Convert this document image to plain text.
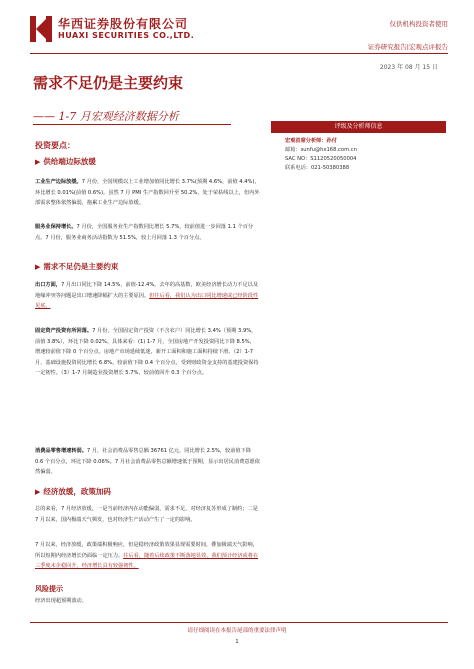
华西证券股份有限公司
HUAXI SECURITIES CO.,LTD.
仅供机构投资者使用
证券研究报告|宏观点评报告
2023 年 08 月 15 日
需求不足仍是主要约束
—— 1-7 月宏观经济数据分析
投资要点：
▶ 供给端边际放缓
工业生产边际放缓。7 月份，全国规模以上工业增加值同比增长 3.7%(预期 4.6%，前值 4.4%)，环比增长 0.01%(前值 0.6%)。虽然 7 月 PMI 生产指数回升至 50.2%，处于荣枯线以上，但内外部需求整体依然偏弱，拖累工业生产边际放缓。
服务业保持增长。7 月份，全国服务业生产指数同比增长 5.7%，较前值进一步回落 1.1 个百分点。7 月份，服务业商务活动指数为 51.5%，较上月回落 1.3 个百分点。
▶ 需求不足仍是主要约束
出口方面，7 月出口同比下降 14.5%，前值-12.4%。去年的高基数，欧美经济增长动力不足以及地缘冲突等问题是出口增速降幅扩大的主要原因。但往后看，我们认为出口同比增速或已经阶段性见底。
固定资产投资有所回落。7 月份，全国固定资产投资（不含农户）同比增长 3.4%（预期 3.9%，前值 3.8%），环比下降 0.02%。具体来看：(1) 1-7 月，全国房地产开发投资同比下降 8.5%，增速较前值下降 0 个百分点。房地产市场延续低迷，新开工面积和施工面积持续下滑。（2）1-7 月，基础设施投资同比增长 6.8%，较前值下降 0.4 个百分点，受到财政资金支持的基建投资保持一定韧性。（3）1-7 月制造业投资增长 5.7%，较前值回升 0.3 个百分点。
消费品零售增速转弱。7 月，社会消费品零售总额 36761 亿元，同比增长 2.5%，较前值下降 0.6 个百分点，环比下降 0.06%。7 月社会消费品零售总额增速低于预期，显示出居民消费意愿依然偏弱。
▶ 经济放缓，政策加码
总的来看，7 月经济放缓，一是当前经济内在动能偏弱，需求不足，对经济复苏形成了制约；二是 7 月以来，国内极端天气频发，也对经济生产活动产生了一定的影响。
7 月以来，经济放缓，政策端积极响应，但是稳经济政策效果显现需要时间，叠加极端天气影响，所以短期内经济增长仍面临一定压力。往后看，随着后续政策不断落地显效，我们预计经济或将在三季度末企稳回升，经济增长具有较强韧性。
风险提示
经济出现超预期波动。
评级及分析师信息
宏观首席分析师：孙付
邮箱：sunfu@hx168.com.cn
SAC NO：S1120520050004
联系电话：021-50380388
请仔细阅读在本报告尾部的重要法律声明
1
